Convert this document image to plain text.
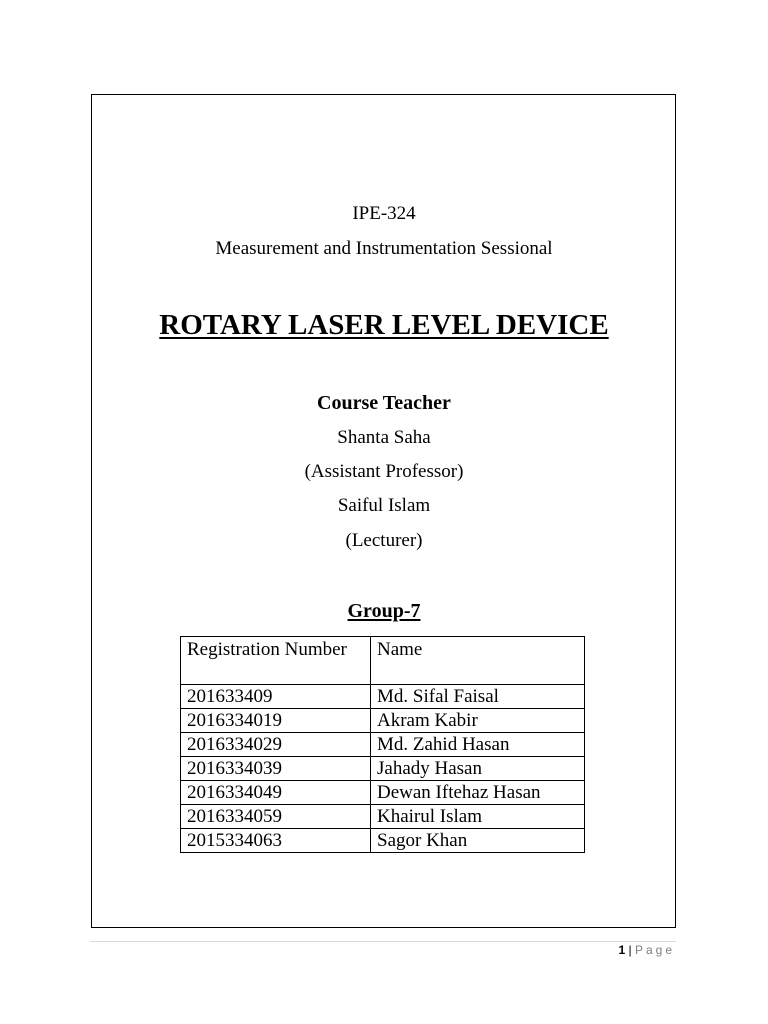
IPE-324
Measurement and Instrumentation Sessional
ROTARY LASER LEVEL DEVICE
Course Teacher
Shanta Saha
(Assistant Professor)
Saiful Islam
(Lecturer)
Group-7
Registration Number	Name
201633409	Md. Sifal Faisal
2016334019	Akram Kabir
2016334029	Md. Zahid Hasan
2016334039	Jahady Hasan
2016334049	Dewan Iftehaz Hasan
2016334059	Khairul Islam
2015334063	Sagor Khan
1 | Page
